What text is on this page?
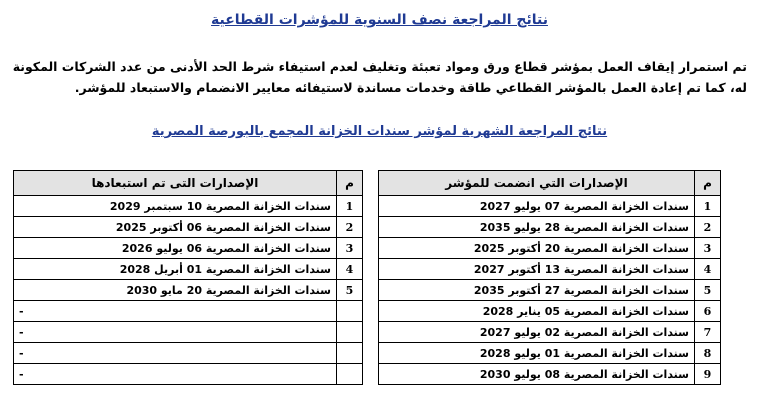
نتائج المراجعة نصف السنوية للمؤشرات القطاعية
تم استمرار إيقاف العمل بمؤشر قطاع ورق ومواد تعبئة وتغليف لعدم استيفاء شرط الحد الأدنى من عدد الشركات المكونة
له، كما تم إعادة العمل بالمؤشر القطاعي طاقة وخدمات مساندة لاستيفائه معايير الانضمام والاستبعاد للمؤشر.
نتائج المراجعة الشهرية لمؤشر سندات الخزانة المجمع بالبورصة المصرية
م	الإصدارات التي انضمت للمؤشر
1	سندات الخزانة المصرية 07 يوليو 2027
2	سندات الخزانة المصرية 28 يوليو 2035
3	سندات الخزانة المصرية 20 أكتوبر 2025
4	سندات الخزانة المصرية 13 أكتوبر 2027
5	سندات الخزانة المصرية 27 أكتوبر 2035
6	سندات الخزانة المصرية 05 يناير 2028
7	سندات الخزانة المصرية 02 يوليو 2027
8	سندات الخزانة المصرية 01 يوليو 2028
9	سندات الخزانة المصرية 08 يوليو 2030
م	الإصدارات التى تم استبعادها
1	سندات الخزانة المصرية 10 سبتمبر 2029
2	سندات الخزانة المصرية 06 أكتوبر 2025
3	سندات الخزانة المصرية 06 يوليو 2026
4	سندات الخزانة المصرية 01 أبريل 2028
5	سندات الخزانة المصرية 20 مايو 2030
	-
	-
	-
	-
